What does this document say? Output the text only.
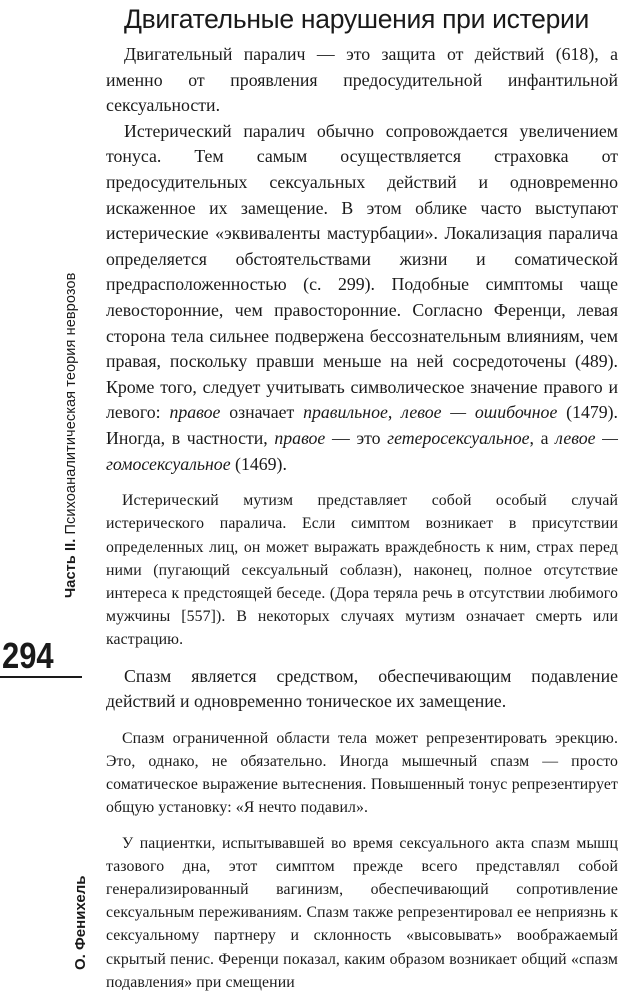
Часть II. Психоаналитическая теория неврозов
294
О. Фенихель
Двигательные нарушения при истерии

Двигательный паралич — это защита от действий (618), а именно от проявления предосудительной инфантильной сексуальности.

Истерический паралич обычно сопровождается увеличением тонуса. Тем самым осуществляется страховка от предосудительных сексуальных действий и одновременно искаженное их замещение. В этом облике часто выступают истерические «эквиваленты мастурбации». Локализация паралича определяется обстоятельствами жизни и соматической предрасположенностью (с. 299). Подобные симптомы чаще левосторонние, чем правосторонние. Согласно Ференци, левая сторона тела сильнее подвержена бессознательным влияниям, чем правая, поскольку правши меньше на ней сосредоточены (489). Кроме того, следует учитывать символическое значение правого и левого: правое означает правильное, левое — ошибочное (1479). Иногда, в частности, правое — это гетеросексуальное, а левое — гомосексуальное (1469).

Истерический мутизм представляет собой особый случай истерического паралича. Если симптом возникает в присутствии определенных лиц, он может выражать враждебность к ним, страх перед ними (пугающий сексуальный соблазн), наконец, полное отсутствие интереса к предстоящей беседе. (Дора теряла речь в отсутствии любимого мужчины [557]). В некоторых случаях мутизм означает смерть или кастрацию.

Спазм является средством, обеспечивающим подавление действий и одновременно тоническое их замещение.

Спазм ограниченной области тела может репрезентировать эрекцию. Это, однако, не обязательно. Иногда мышечный спазм — просто соматическое выражение вытеснения. Повышенный тонус репрезентирует общую установку: «Я нечто подавил».

У пациентки, испытывавшей во время сексуального акта спазм мышц тазового дна, этот симптом прежде всего представлял собой генерализированный вагинизм, обеспечивающий сопротивление сексуальным переживаниям. Спазм также репрезентировал ее неприязнь к сексуальному партнеру и склонность «высовывать» воображаемый скрытый пенис. Ференци показал, каким образом возникает общий «спазм подавления» при смещении
